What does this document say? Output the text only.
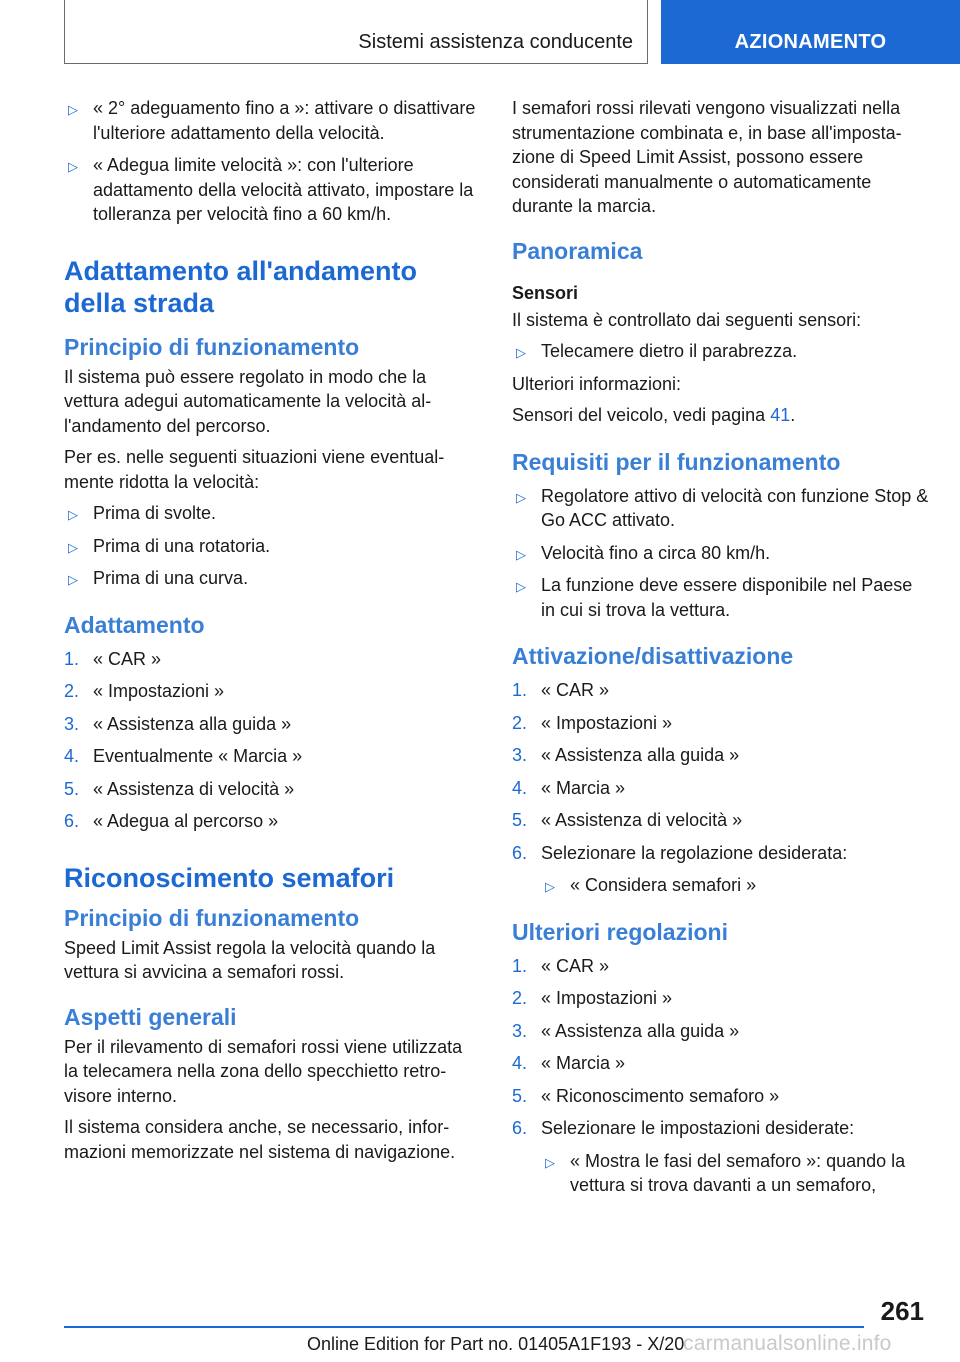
Sistemi assistenza conducente	AZIONAMENTO
▷ « 2° adeguamento fino a »: attivare o disattivare l'ulteriore adattamento della velocità.
▷ « Adegua limite velocità »: con l'ulteriore adattamento della velocità attivato, impostare la tolleranza per velocità fino a 60 km/h.
Adattamento all'andamento della strada
Principio di funzionamento

Il sistema può essere regolato in modo che la vettura adegui automaticamente la velocità all'andamento del percorso.

Per es. nelle seguenti situazioni viene eventualmente ridotta la velocità:

▷ Prima di svolte.
▷ Prima di una rotatoria.
▷ Prima di una curva.
Adattamento
1. « CAR »
2. « Impostazioni »
3. « Assistenza alla guida »
4. Eventualmente « Marcia »
5. « Assistenza di velocità »
6. « Adegua al percorso »
Riconoscimento semafori
Principio di funzionamento

Speed Limit Assist regola la velocità quando la vettura si avvicina a semafori rossi.

Aspetti generali

Per il rilevamento di semafori rossi viene utilizzata la telecamera nella zona dello specchietto retrovisore interno.

Il sistema considera anche, se necessario, informazioni memorizzate nel sistema di navigazione.

I semafori rossi rilevati vengono visualizzati nella strumentazione combinata e, in base all'impostazione di Speed Limit Assist, possono essere considerati manualmente o automaticamente durante la marcia.

Panoramica
Sensori

Il sistema è controllato dai seguenti sensori:

▷ Telecamere dietro il parabrezza.

Ulteriori informazioni:

Sensori del veicolo, vedi pagina 41.

Requisiti per il funzionamento
▷ Regolatore attivo di velocità con funzione Stop & Go ACC attivato.
▷ Velocità fino a circa 80 km/h.
▷ La funzione deve essere disponibile nel Paese in cui si trova la vettura.
Attivazione/disattivazione
1. « CAR »
2. « Impostazioni »
3. « Assistenza alla guida »
4. « Marcia »
5. « Assistenza di velocità »
6. Selezionare la regolazione desiderata:
▷ « Considera semafori »
Ulteriori regolazioni
1. « CAR »
2. « Impostazioni »
3. « Assistenza alla guida »
4. « Marcia »
5. « Riconoscimento semaforo »
6. Selezionare le impostazioni desiderate:
▷ « Mostra le fasi del semaforo »: quando la vettura si trova davanti a un semaforo,
261
Online Edition for Part no. 01405A1F193 - X/20
carmanualsonline.info
